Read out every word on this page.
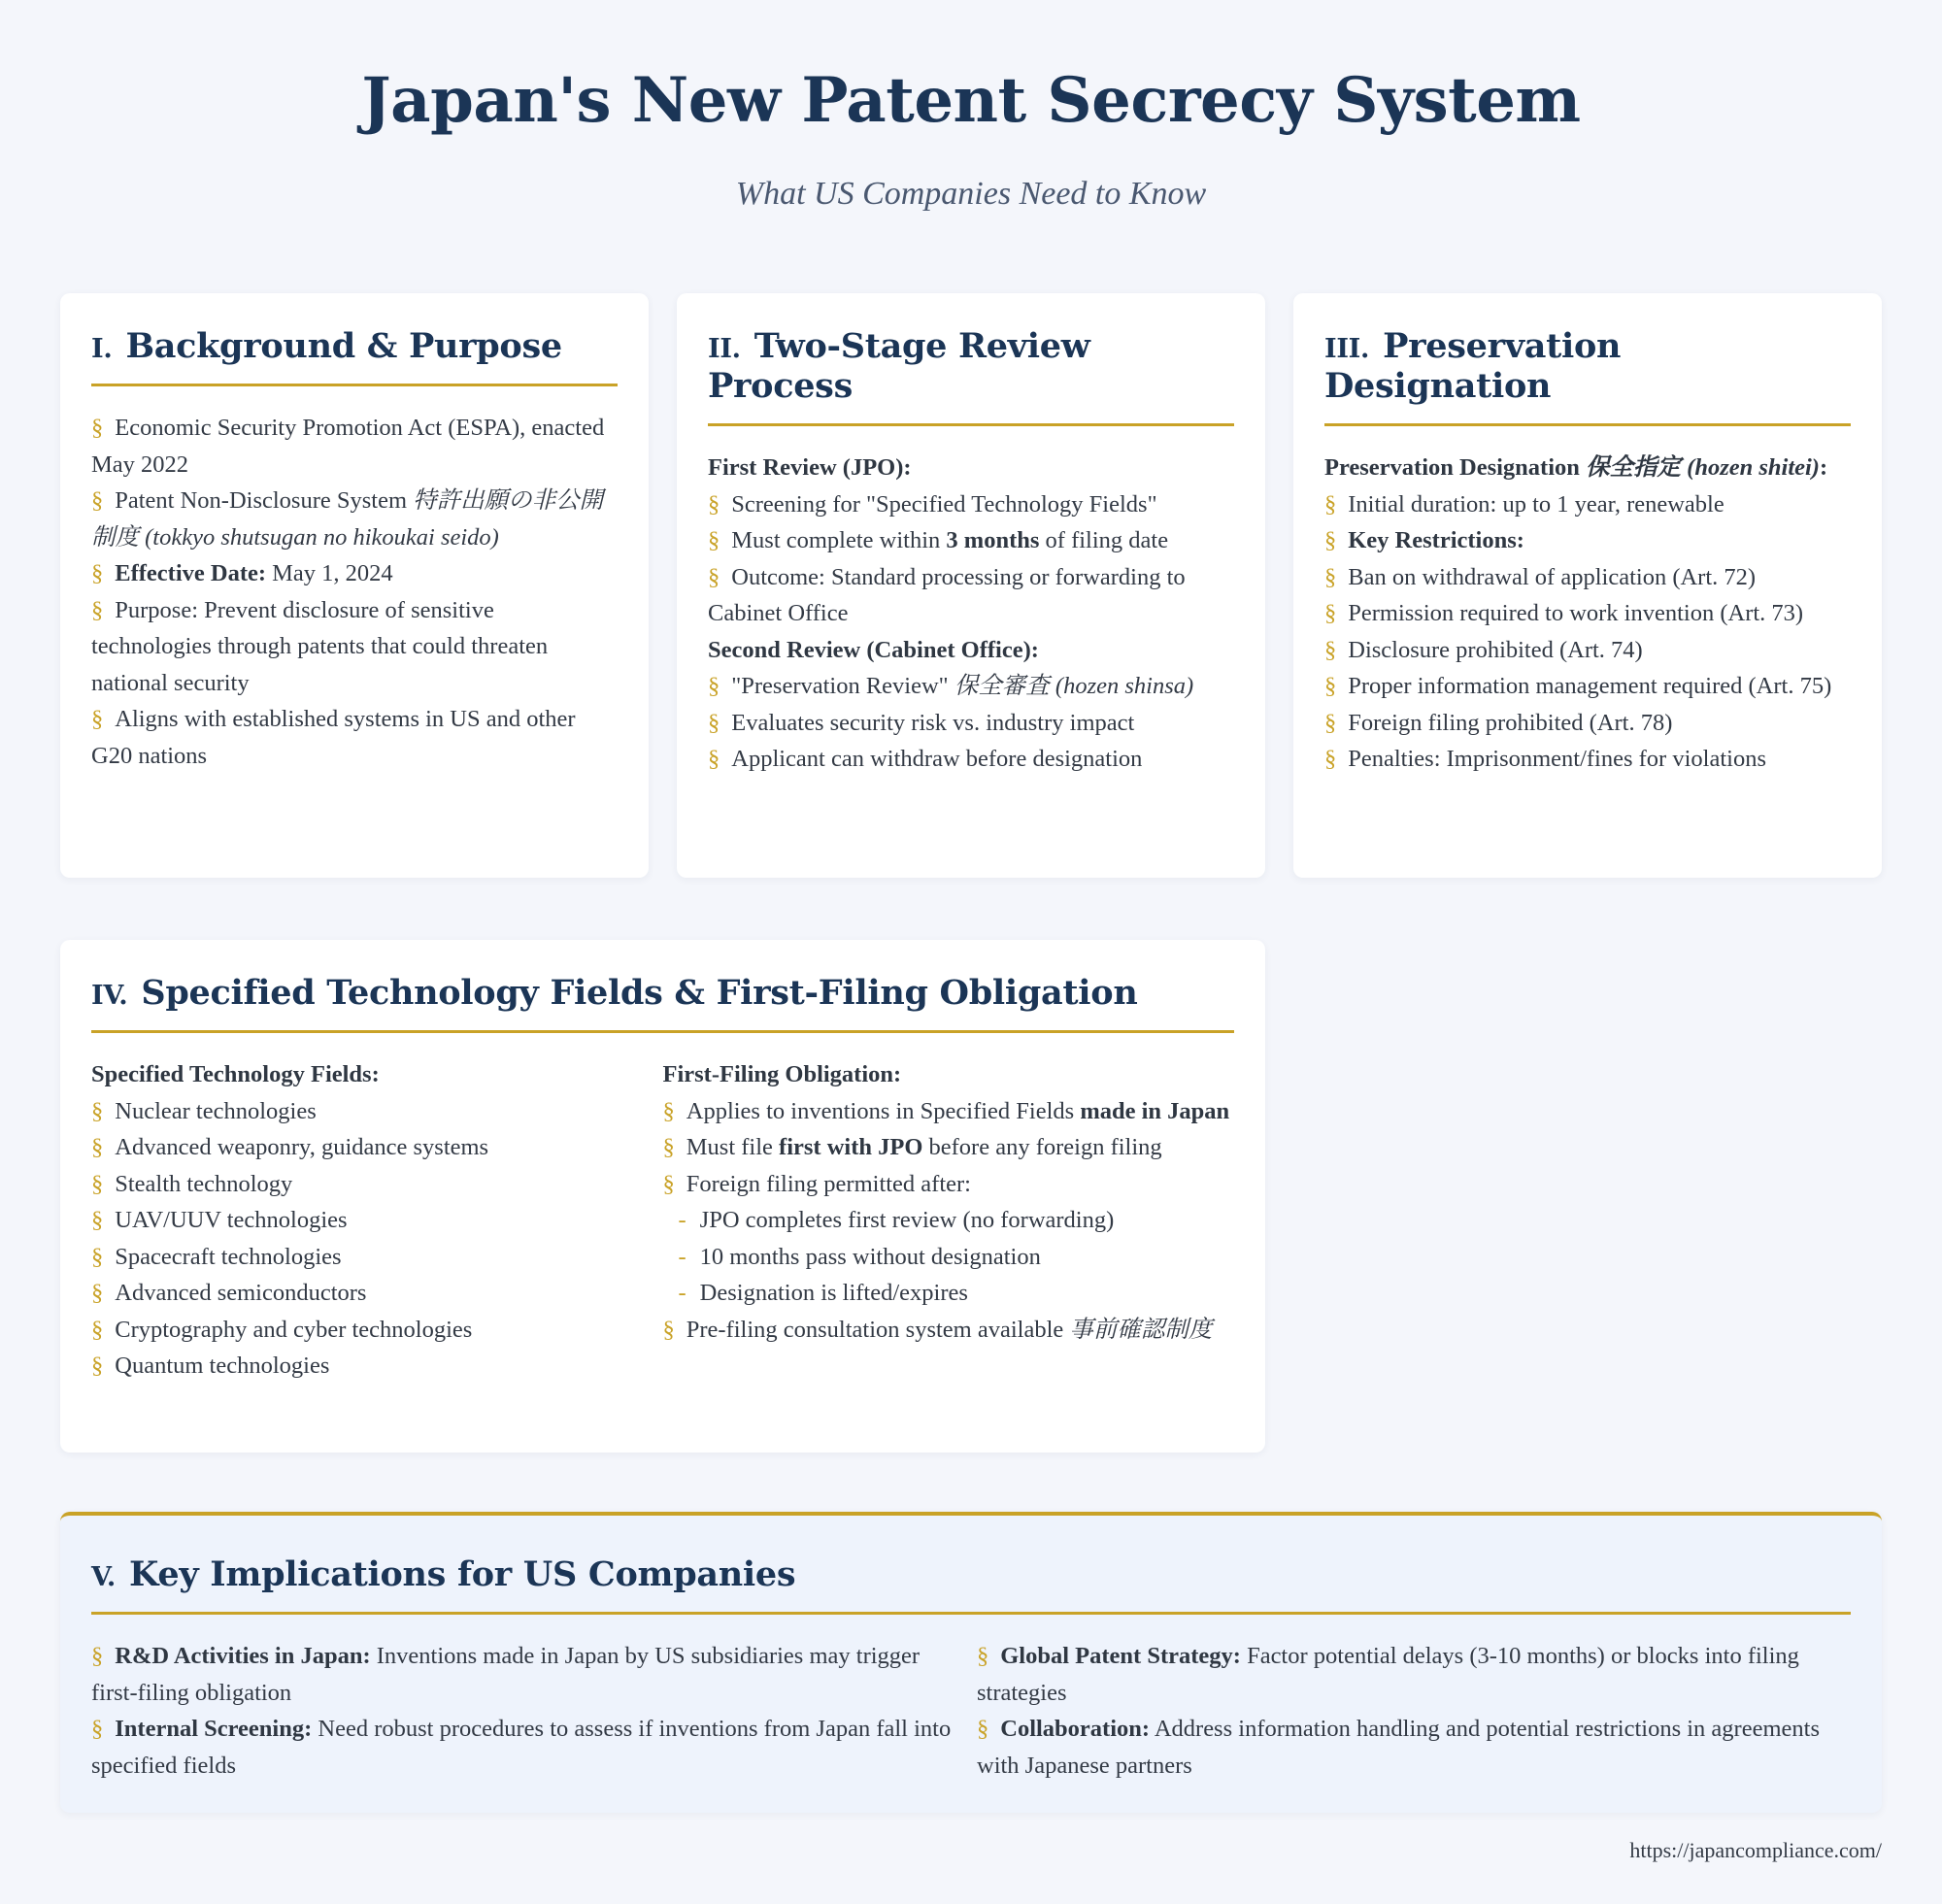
Japan's New Patent Secrecy System
What US Companies Need to Know
I. Background & Purpose
§ Economic Security Promotion Act (ESPA), enacted May 2022
§ Patent Non-Disclosure System 特許出願の非公開制度 (tokkyo shutsugan no hikoukai seido)
§ Effective Date: May 1, 2024
§ Purpose: Prevent disclosure of sensitive technologies through patents that could threaten national security
§ Aligns with established systems in US and other G20 nations
II. Two-Stage Review Process
First Review (JPO):
§ Screening for "Specified Technology Fields"
§ Must complete within 3 months of filing date
§ Outcome: Standard processing or forwarding to Cabinet Office
Second Review (Cabinet Office):
§ "Preservation Review" 保全審査 (hozen shinsa)
§ Evaluates security risk vs. industry impact
§ Applicant can withdraw before designation
III. Preservation Designation
Preservation Designation 保全指定 (hozen shitei):
§ Initial duration: up to 1 year, renewable
§ Key Restrictions:
§ Ban on withdrawal of application (Art. 72)
§ Permission required to work invention (Art. 73)
§ Disclosure prohibited (Art. 74)
§ Proper information management required (Art. 75)
§ Foreign filing prohibited (Art. 78)
§ Penalties: Imprisonment/fines for violations
IV. Specified Technology Fields & First-Filing Obligation
Specified Technology Fields:
§ Nuclear technologies
§ Advanced weaponry, guidance systems
§ Stealth technology
§ UAV/UUV technologies
§ Spacecraft technologies
§ Advanced semiconductors
§ Cryptography and cyber technologies
§ Quantum technologies
First-Filing Obligation:
§ Applies to inventions in Specified Fields made in Japan
§ Must file first with JPO before any foreign filing
§ Foreign filing permitted after:
- JPO completes first review (no forwarding)
- 10 months pass without designation
- Designation is lifted/expires
§ Pre-filing consultation system available 事前確認制度
V. Key Implications for US Companies
§ R&D Activities in Japan: Inventions made in Japan by US subsidiaries may trigger first-filing obligation
§ Global Patent Strategy: Factor potential delays (3-10 months) or blocks into filing strategies
§ Internal Screening: Need robust procedures to assess if inventions from Japan fall into specified fields
§ Collaboration: Address information handling and potential restrictions in agreements with Japanese partners
https://japancompliance.com/
